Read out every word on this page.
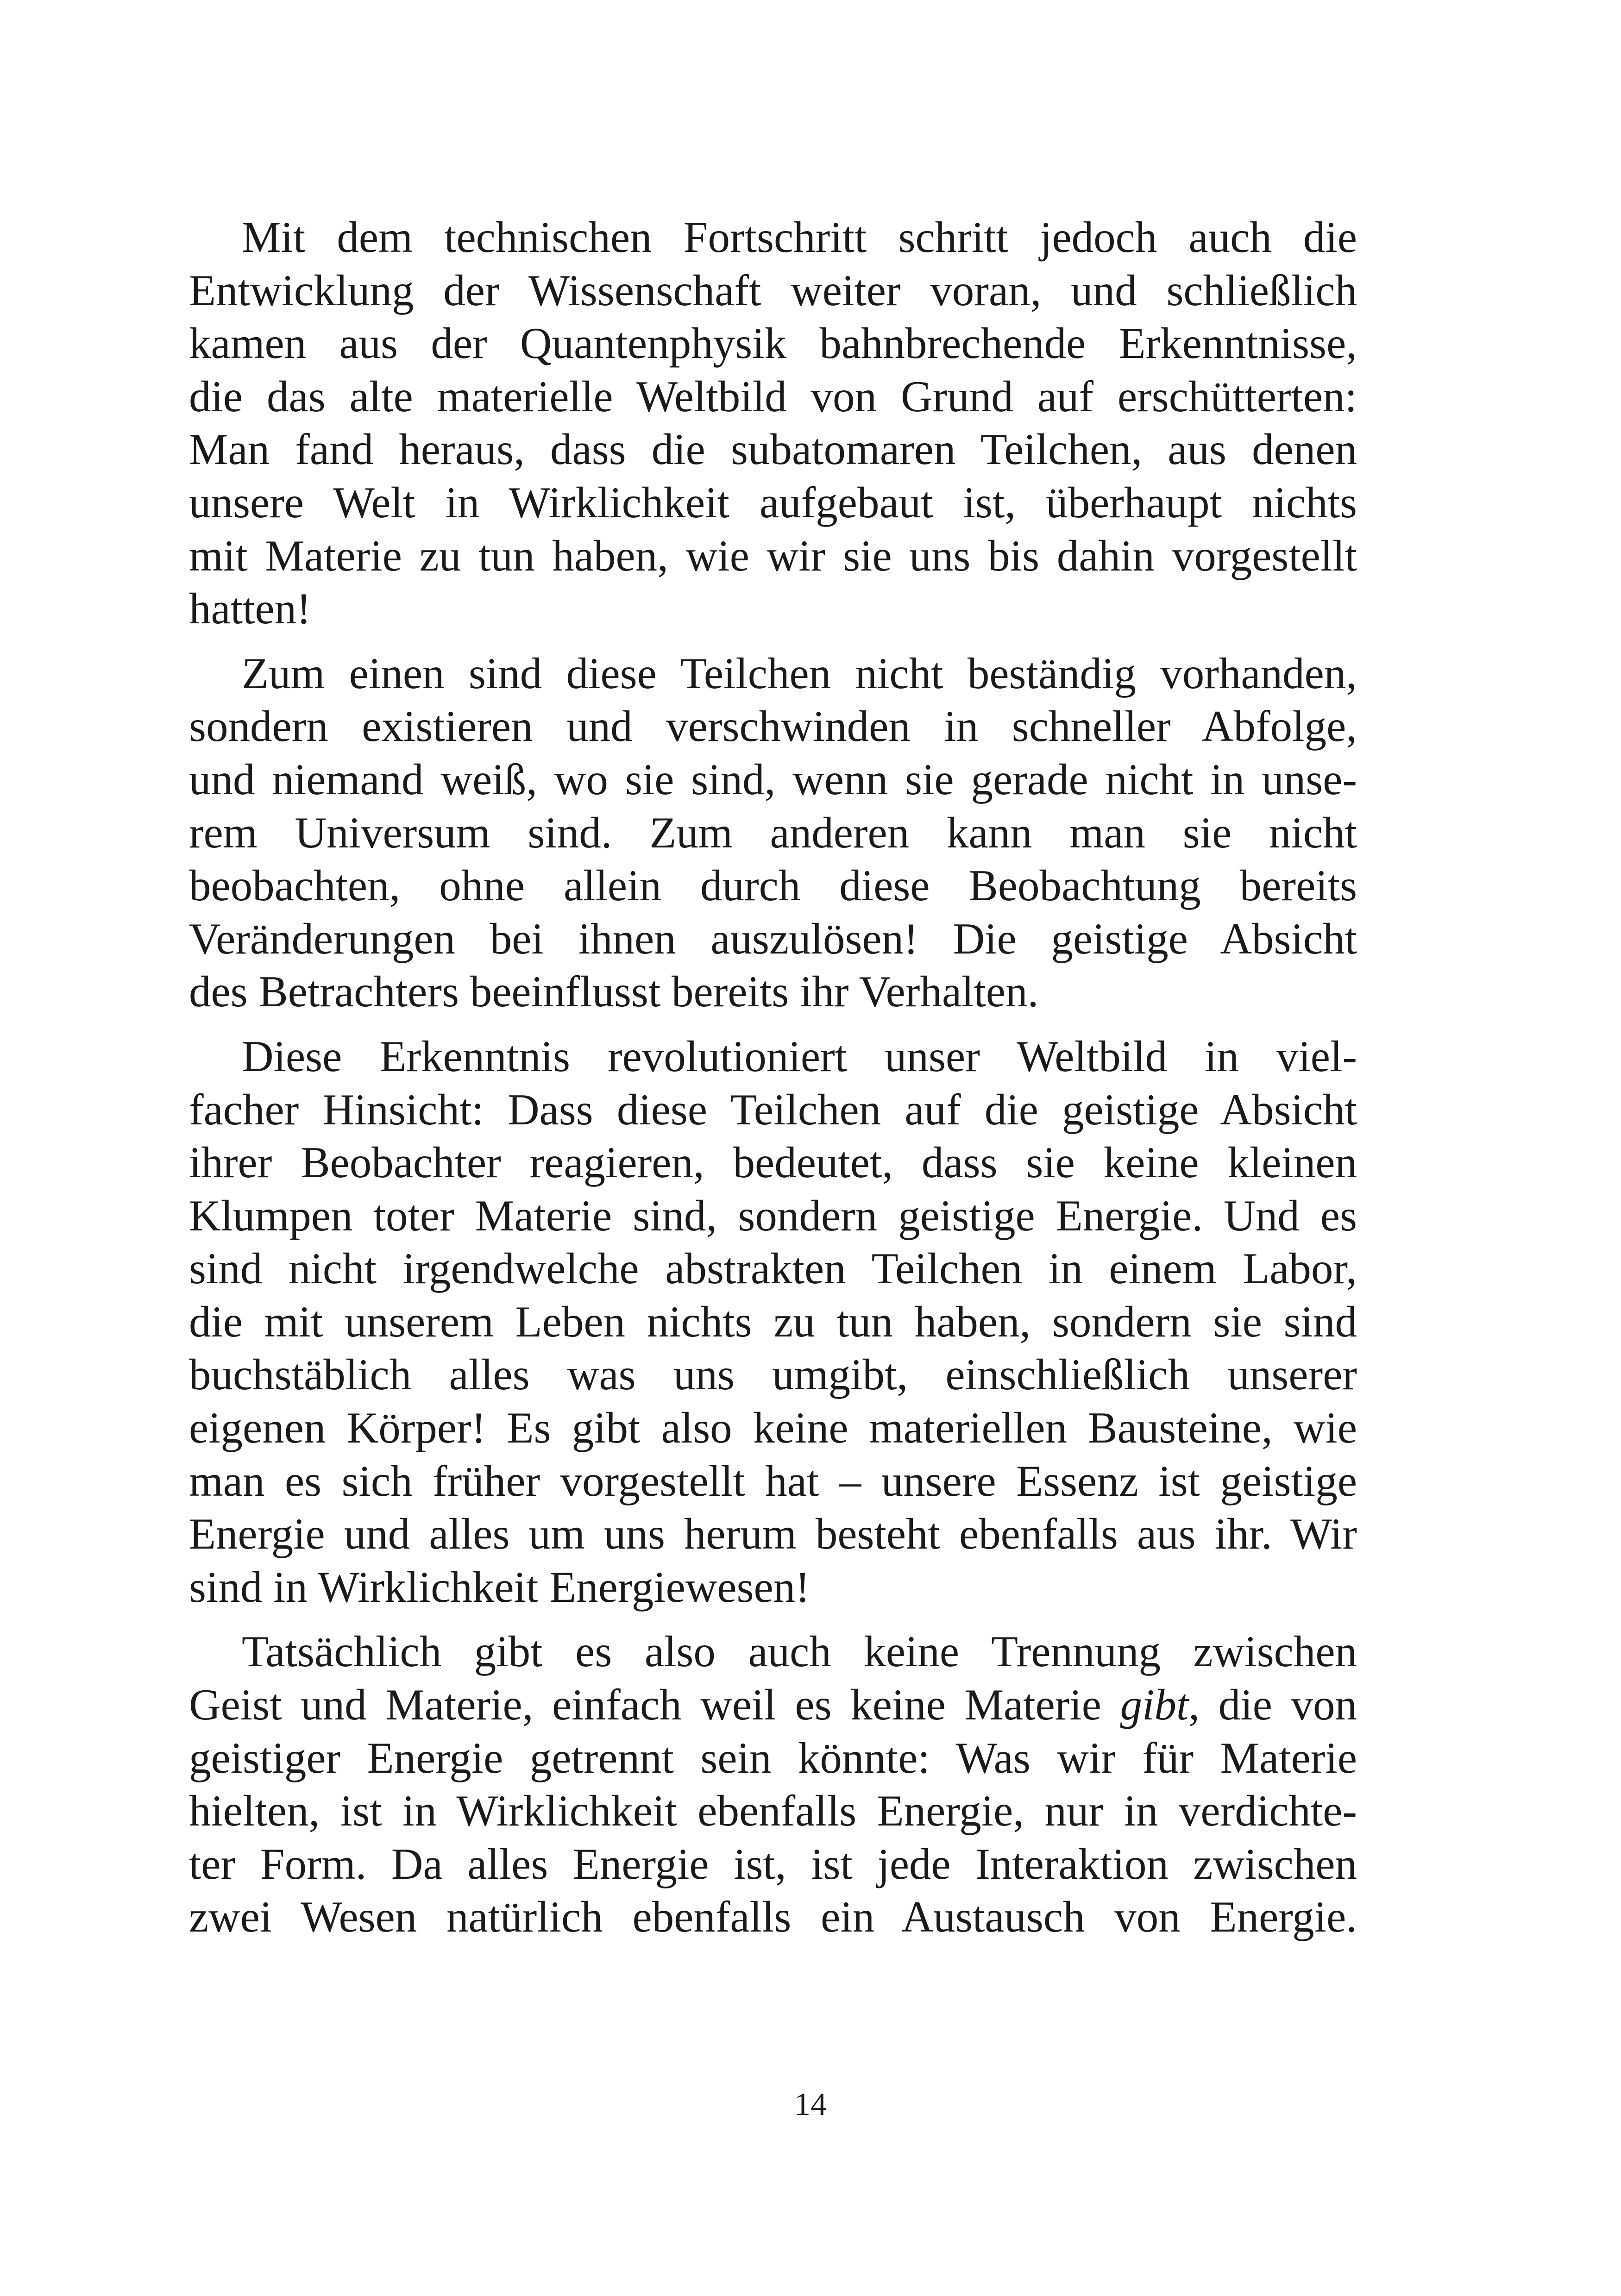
Mit dem technischen Fortschritt schritt jedoch auch die
Entwicklung der Wissenschaft weiter voran, und schließlich
kamen aus der Quantenphysik bahnbrechende Erkenntnisse,
die das alte materielle Weltbild von Grund auf erschütterten:
Man fand heraus, dass die subatomaren Teilchen, aus denen
unsere Welt in Wirklichkeit aufgebaut ist, überhaupt nichts
mit Materie zu tun haben, wie wir sie uns bis dahin vorgestellt
hatten!

Zum einen sind diese Teilchen nicht beständig vorhanden,
sondern existieren und verschwinden in schneller Abfolge,
und niemand weiß, wo sie sind, wenn sie gerade nicht in unse-
rem Universum sind. Zum anderen kann man sie nicht
beobachten, ohne allein durch diese Beobachtung bereits
Veränderungen bei ihnen auszulösen! Die geistige Absicht
des Betrachters beeinflusst bereits ihr Verhalten.

Diese Erkenntnis revolutioniert unser Weltbild in viel-
facher Hinsicht: Dass diese Teilchen auf die geistige Absicht
ihrer Beobachter reagieren, bedeutet, dass sie keine kleinen
Klumpen toter Materie sind, sondern geistige Energie. Und es
sind nicht irgendwelche abstrakten Teilchen in einem Labor,
die mit unserem Leben nichts zu tun haben, sondern sie sind
buchstäblich alles was uns umgibt, einschließlich unserer
eigenen Körper! Es gibt also keine materiellen Bausteine, wie
man es sich früher vorgestellt hat – unsere Essenz ist geistige
Energie und alles um uns herum besteht ebenfalls aus ihr. Wir
sind in Wirklichkeit Energiewesen!

Tatsächlich gibt es also auch keine Trennung zwischen
Geist und Materie, einfach weil es keine Materie gibt, die von
geistiger Energie getrennt sein könnte: Was wir für Materie
hielten, ist in Wirklichkeit ebenfalls Energie, nur in verdichte-
ter Form. Da alles Energie ist, ist jede Interaktion zwischen
zwei Wesen natürlich ebenfalls ein Austausch von Energie.

14
